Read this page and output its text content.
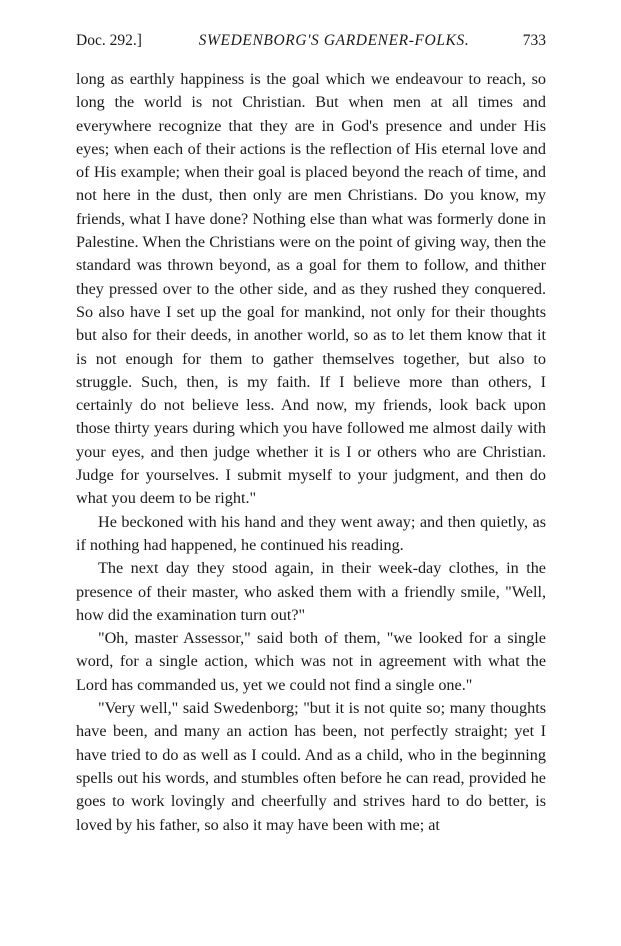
Doc. 292.]	SWEDENBORG'S GARDENER-FOLKS.	733

long as earthly happiness is the goal which we endeavour to reach, so long the world is not Christian. But when men at all times and everywhere recognize that they are in God's presence and under His eyes; when each of their actions is the reflection of His eternal love and of His example; when their goal is placed beyond the reach of time, and not here in the dust, then only are men Christians. Do you know, my friends, what I have done? Nothing else than what was formerly done in Palestine. When the Christians were on the point of giving way, then the standard was thrown beyond, as a goal for them to follow, and thither they pressed over to the other side, and as they rushed they conquered. So also have I set up the goal for mankind, not only for their thoughts but also for their deeds, in another world, so as to let them know that it is not enough for them to gather themselves together, but also to struggle. Such, then, is my faith. If I believe more than others, I certainly do not believe less. And now, my friends, look back upon those thirty years during which you have followed me almost daily with your eyes, and then judge whether it is I or others who are Christian. Judge for yourselves. I submit myself to your judgment, and then do what you deem to be right."

He beckoned with his hand and they went away; and then quietly, as if nothing had happened, he continued his reading.

The next day they stood again, in their week-day clothes, in the presence of their master, who asked them with a friendly smile, "Well, how did the examination turn out?"

"Oh, master Assessor," said both of them, "we looked for a single word, for a single action, which was not in agreement with what the Lord has commanded us, yet we could not find a single one."

"Very well," said Swedenborg; "but it is not quite so; many thoughts have been, and many an action has been, not perfectly straight; yet I have tried to do as well as I could. And as a child, who in the beginning spells out his words, and stumbles often before he can read, provided he goes to work lovingly and cheerfully and strives hard to do better, is loved by his father, so also it may have been with me; at
